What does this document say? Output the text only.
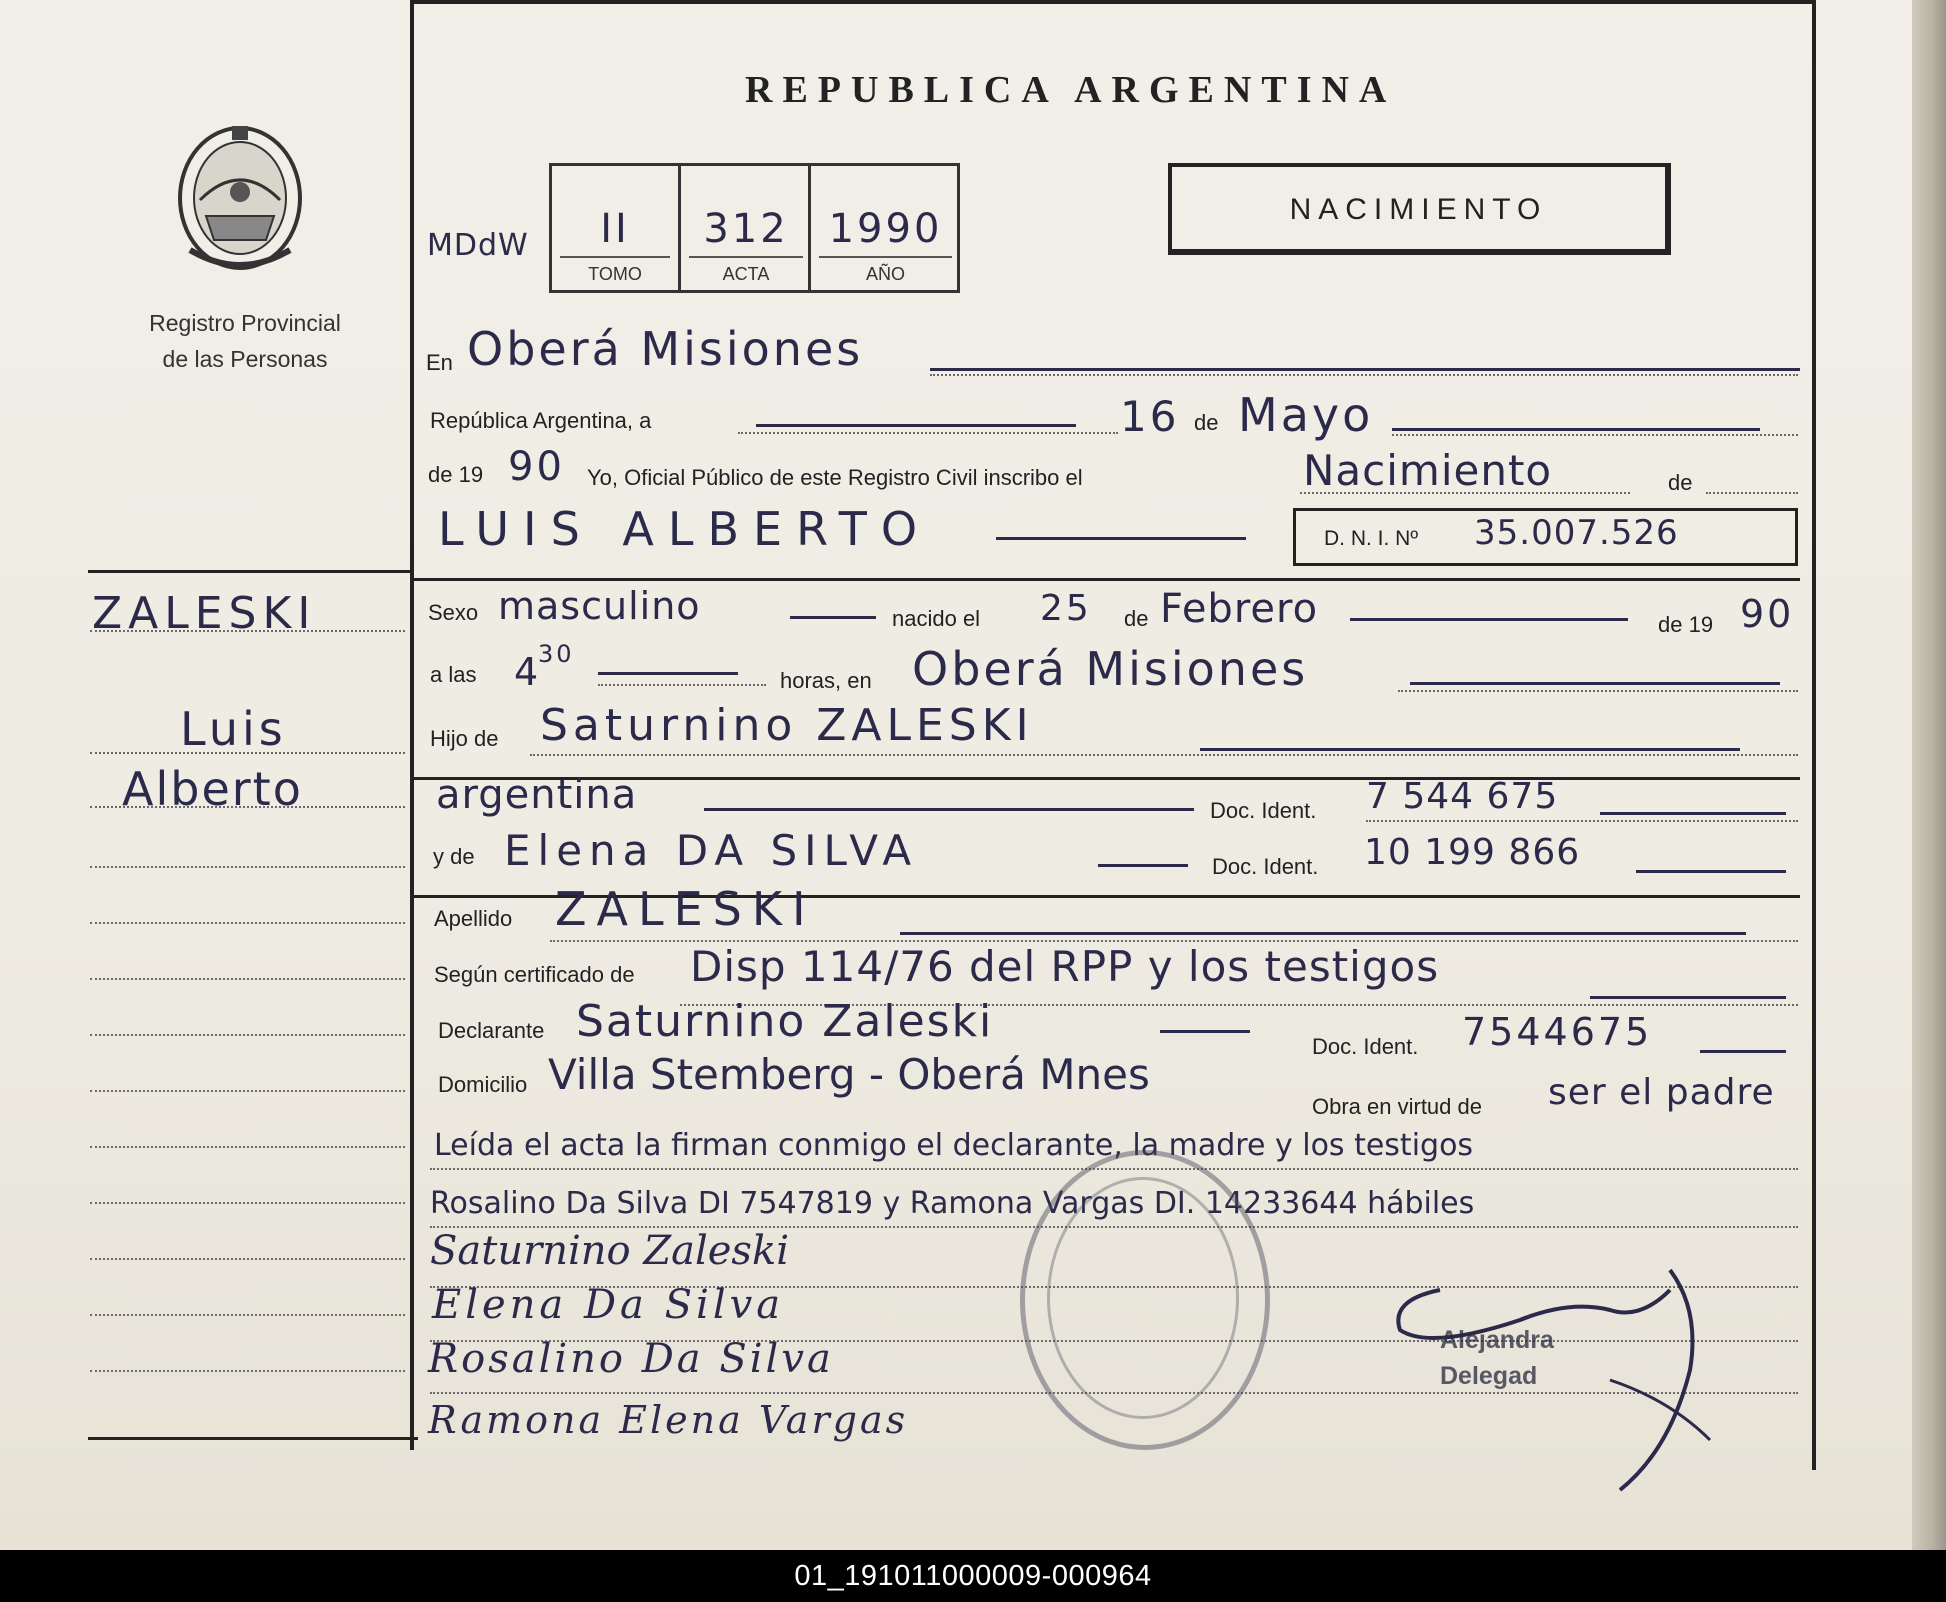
Registro Provincial
de las Personas
REPUBLICA ARGENTINA
MDdW	II
TOMO
312
ACTA
1990
AÑO
NACIMIENTO
En Oberá Misiones
República Argentina, a	16 de Mayo
de 19 90 Yo, Oficial Público de este Registro Civil inscribo el	Nacimiento	de
LUIS ALBERTO	D. N. I. Nº 35.007.526
Sexo masculino	nacido el 25 de Febrero	de 19 90
a las 4
30
horas, en Oberá Misiones
Hijo de Saturnino ZALESKI
argentina	Doc. Ident. 7 544 675
y de Elena DA SILVA	Doc. Ident. 10 199 866
Apellido ZALESKI
Según certificado de Disp 114/76 del RPP y los testigos
Declarante Saturnino Zaleski	Doc. Ident. 7544675
Domicilio Villa Stemberg - Oberá Mnes
Obra en virtud de ser el padre
Leída el acta la firman conmigo el declarante, la madre y los testigos
Rosalino Da Silva DI 7547819 y Ramona Vargas DI. 14233644 hábiles
Saturnino Zaleski
Elena Da Silva
Rosalino Da Silva
Ramona Elena Vargas
Alejandra
Delegad
ZALESKI
Luis
Alberto
01_191011000009-000964
